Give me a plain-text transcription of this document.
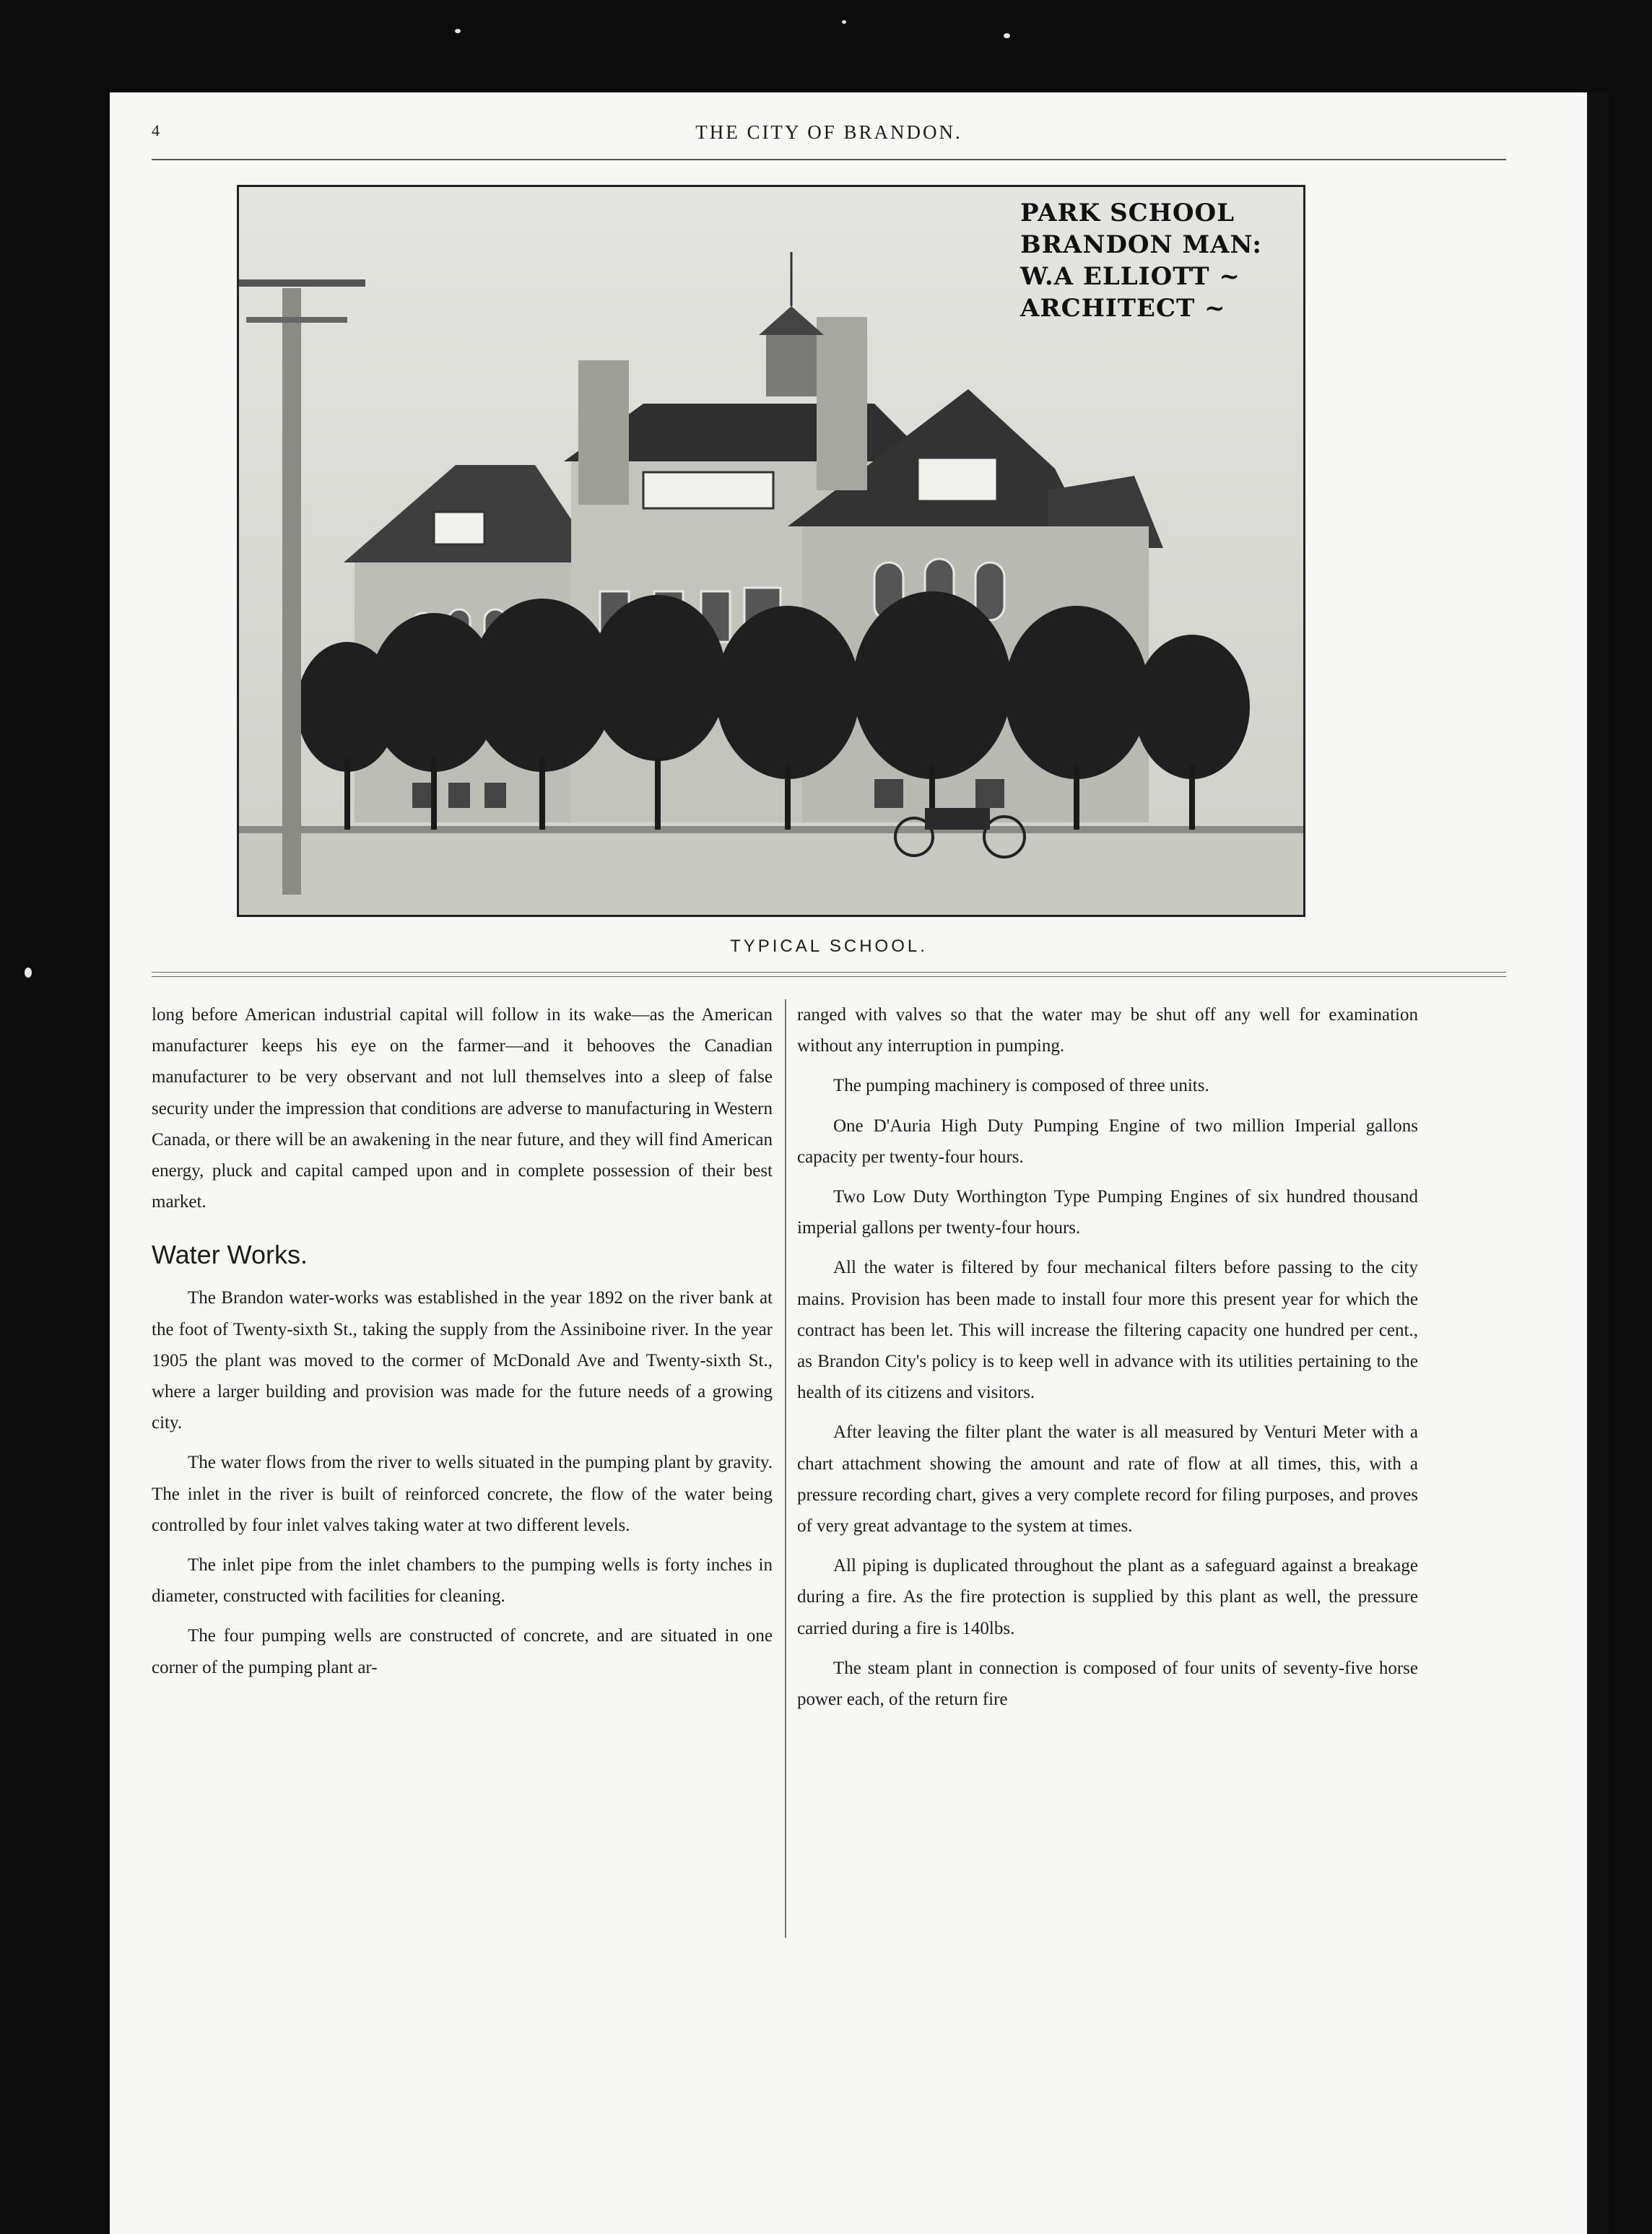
4	THE CITY OF BRANDON.
PARK SCHOOL
BRANDON MAN:
W.A ELLIOTT ~
ARCHITECT ~
TYPICAL SCHOOL.

long before American industrial capital will follow in its wake—as the American manufacturer keeps his eye on the farmer—and it behooves the Canadian manufacturer to be very observant and not lull themselves into a sleep of false security under the impression that conditions are adverse to manufacturing in Western Canada, or there will be an awakening in the near future, and they will find American energy, pluck and capital camped upon and in complete possession of their best market.

Water Works.

The Brandon water-works was established in the year 1892 on the river bank at the foot of Twenty-sixth St., taking the supply from the Assiniboine river. In the year 1905 the plant was moved to the cormer of McDonald Ave and Twenty-sixth St., where a larger building and provision was made for the future needs of a growing city.

The water flows from the river to wells situated in the pumping plant by gravity. The inlet in the river is built of reinforced concrete, the flow of the water being controlled by four inlet valves taking water at two different levels.

The inlet pipe from the inlet chambers to the pumping wells is forty inches in diameter, constructed with facilities for cleaning.

The four pumping wells are constructed of concrete, and are situated in one corner of the pumping plant ar-

ranged with valves so that the water may be shut off any well for examination without any interruption in pumping.

The pumping machinery is composed of three units.

One D'Auria High Duty Pumping Engine of two million Imperial gallons capacity per twenty-four hours.

Two Low Duty Worthington Type Pumping Engines of six hundred thousand imperial gallons per twenty-four hours.

All the water is filtered by four mechanical filters before passing to the city mains. Provision has been made to install four more this present year for which the contract has been let. This will increase the filtering capacity one hundred per cent., as Brandon City's policy is to keep well in advance with its utilities pertaining to the health of its citizens and visitors.

After leaving the filter plant the water is all measured by Venturi Meter with a chart attachment showing the amount and rate of flow at all times, this, with a pressure recording chart, gives a very complete record for filing purposes, and proves of very great advantage to the system at times.

All piping is duplicated throughout the plant as a safeguard against a breakage during a fire. As the fire protection is supplied by this plant as well, the pressure carried during a fire is 140lbs.

The steam plant in connection is composed of four units of seventy-five horse power each, of the return fire
